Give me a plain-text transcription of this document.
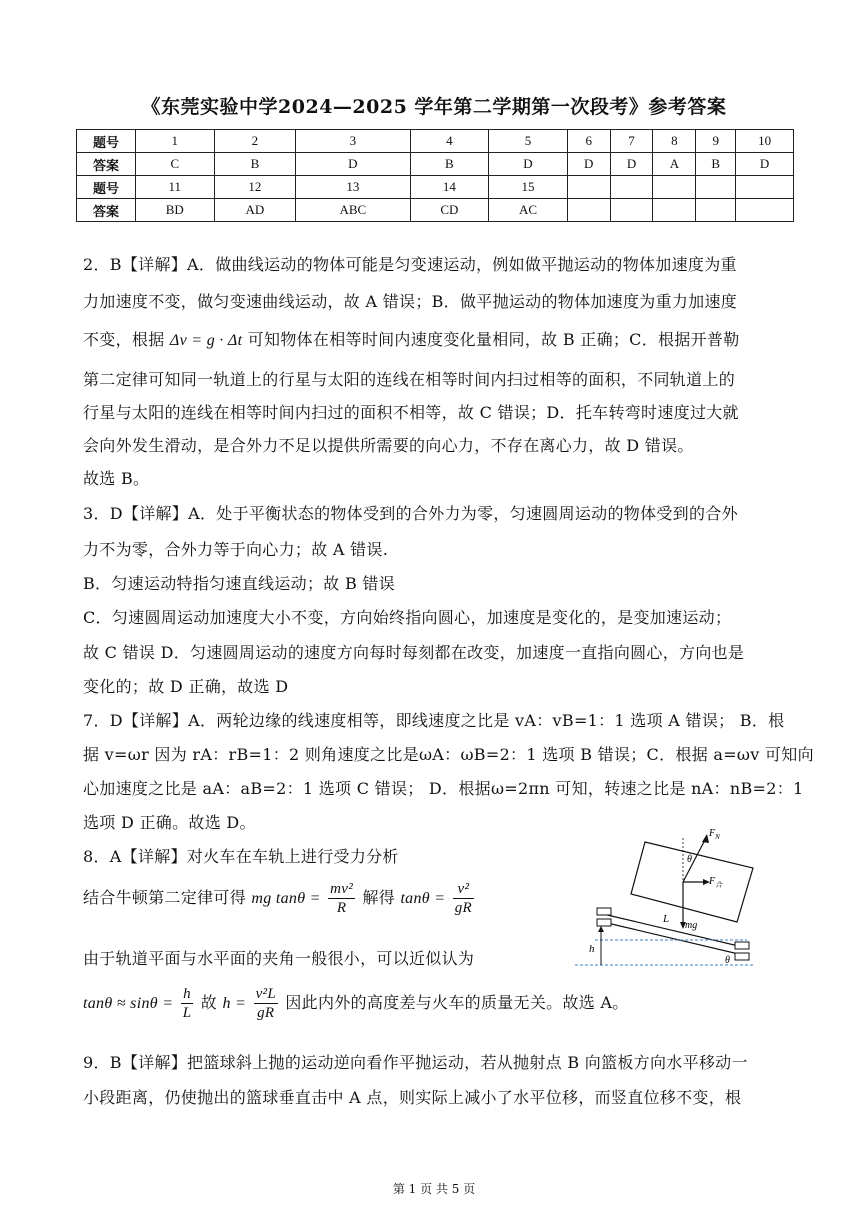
《东莞实验中学2024—2025 学年第二学期第一次段考》参考答案
题号	1	2	3	4	5	6	7	8	9	10
答案	C	B	D	B	D	D	D	A	B	D
题号	11	12	13	14	15					
答案	BD	AD	ABC	CD	AC					
2．B【详解】A．做曲线运动的物体可能是匀变速运动，例如做平抛运动的物体加速度为重
力加速度不变，做匀变速曲线运动，故 A 错误；B．做平抛运动的物体加速度为重力加速度
不变，根据 Δv = g · Δt 可知物体在相等时间内速度变化量相同，故 B 正确；C．根据开普勒
第二定律可知同一轨道上的行星与太阳的连线在相等时间内扫过相等的面积，不同轨道上的
行星与太阳的连线在相等时间内扫过的面积不相等，故 C 错误；D．托车转弯时速度过大就
会向外发生滑动，是合外力不足以提供所需要的向心力，不存在离心力，故 D 错误。
故选 B。
3．D【详解】A．处于平衡状态的物体受到的合外力为零，匀速圆周运动的物体受到的合外
力不为零，合外力等于向心力；故 A 错误.
B．匀速运动特指匀速直线运动；故 B 错误
C．匀速圆周运动加速度大小不变，方向始终指向圆心，加速度是变化的，是变加速运动；
故 C 错误 D．匀速圆周运动的速度方向每时每刻都在改变，加速度一直指向圆心，方向也是
变化的；故 D 正确，故选 D
7．D【详解】A．两轮边缘的线速度相等，即线速度之比是 vA：vB=1：1 选项 A 错误； B．根
据 v=ωr 因为 rA：rB=1：2 则角速度之比是ωA：ωB=2：1 选项 B 错误；C．根据 a=ωv 可知向
心加速度之比是 aA：aB=2：1 选项 C 错误； D．根据ω=2πn 可知，转速之比是 nA：nB=2：1
选项 D 正确。故选 D。
8．A【详解】对火车在车轨上进行受力分析
结合牛顿第二定律可得 mg $\tan\theta = \frac{\text{mv²}}{R}$ 解得 $\tan\theta = \frac{\text{v²}}{gR}$
由于轨道平面与水平面的夹角一般很小，可以近似认为
$\tan\theta \approx \sin\theta = \frac{h}{L}$ 故 $h = \frac{\text{v²L}}{gR}$ 因此内外的高度差与火车的质量无关。故选 A。
9．B【详解】把篮球斜上抛的运动逆向看作平抛运动，若从抛射点 B 向篮板方向水平移动一
小段距离，仍使抛出的篮球垂直击中 A 点，则实际上减小了水平位移，而竖直位移不变，根
h
$F_N$
θ
$F_合$
mg
L
θ
第 1 页 共 5 页
